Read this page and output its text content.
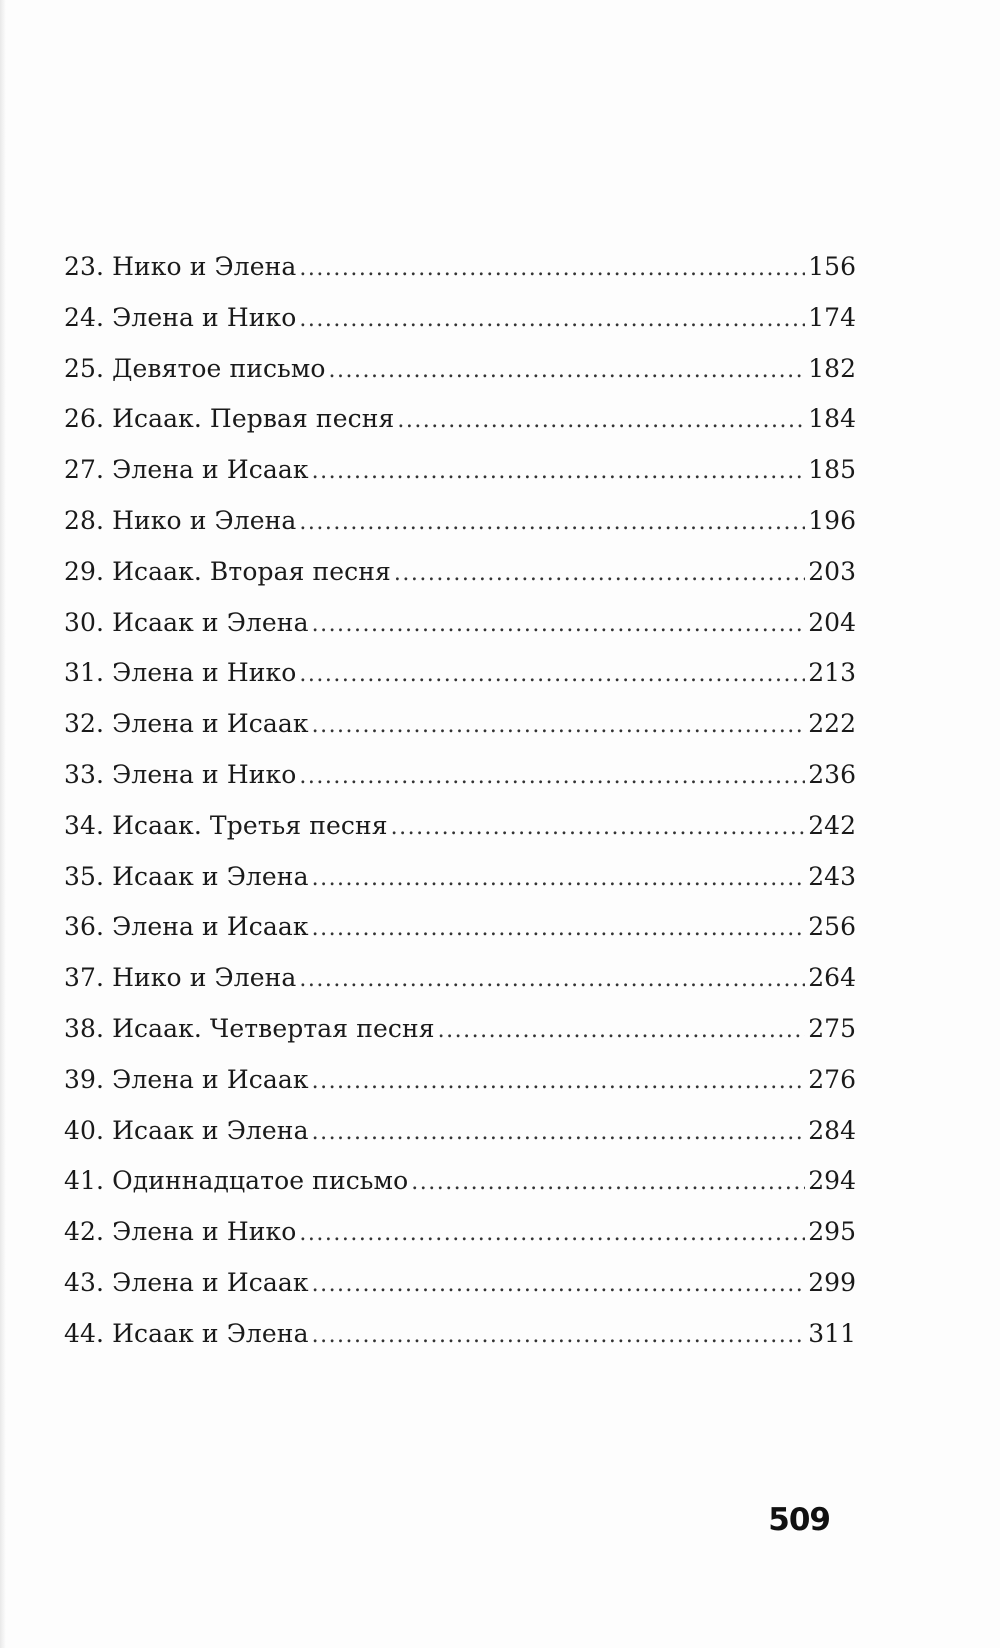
23. Нико и Элена .....	156
24. Элена и Нико .....	174
25. Девятое письмо .....	182
26. Исаак. Первая песня .....	184
27. Элена и Исаак .....	185
28. Нико и Элена .....	196
29. Исаак. Вторая песня .....	203
30. Исаак и Элена .....	204
31. Элена и Нико .....	213
32. Элена и Исаак .....	222
33. Элена и Нико .....	236
34. Исаак. Третья песня .....	242
35. Исаак и Элена .....	243
36. Элена и Исаак .....	256
37. Нико и Элена .....	264
38. Исаак. Четвертая песня .....	275
39. Элена и Исаак .....	276
40. Исаак и Элена .....	284
41. Одиннадцатое письмо .....	294
42. Элена и Нико .....	295
43. Элена и Исаак .....	299
44. Исаак и Элена .....	311
509
